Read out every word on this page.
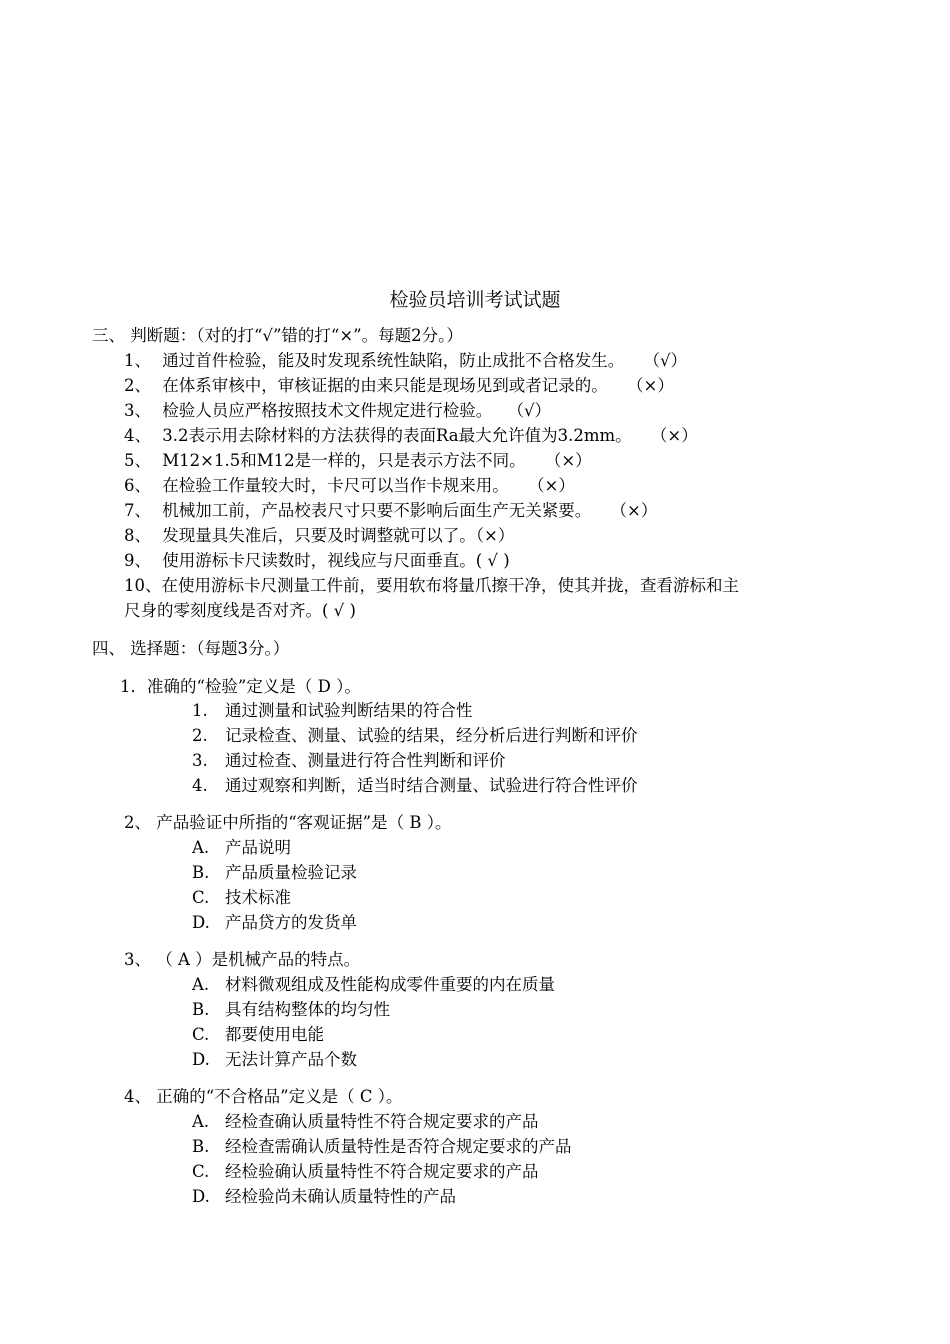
检验员培训考试试题
三、 判断题：（对的打“√”错的打“×”。每题2分。）
1、 通过首件检验，能及时发现系统性缺陷，防止成批不合格发生。 （√）
2、 在体系审核中，审核证据的由来只能是现场见到或者记录的。 （×）
3、 检验人员应严格按照技术文件规定进行检验。 （√）
4、 3.2表示用去除材料的方法获得的表面Ra最大允许值为3.2mm。 （×）
5、 M12×1.5和M12是一样的，只是表示方法不同。 （×）
6、 在检验工作量较大时，卡尺可以当作卡规来用。 （×）
7、 机械加工前，产品校表尺寸只要不影响后面生产无关紧要。 （×）
8、 发现量具失准后，只要及时调整就可以了。（×）
9、 使用游标卡尺读数时，视线应与尺面垂直。( √ )
10、在使用游标卡尺测量工件前，要用软布将量爪擦干净，使其并拢，查看游标和主
尺身的零刻度线是否对齐。( √ )
四、 选择题：（每题3分。）
1．准确的“检验”定义是（ D ）。
1. 通过测量和试验判断结果的符合性
2. 记录检查、测量、试验的结果，经分析后进行判断和评价
3. 通过检查、测量进行符合性判断和评价
4. 通过观察和判断，适当时结合测量、试验进行符合性评价
2、 产品验证中所指的“客观证据”是（ B ）。
A. 产品说明
B. 产品质量检验记录
C. 技术标准
D. 产品贷方的发货单
3、 （ A ）是机械产品的特点。
A. 材料微观组成及性能构成零件重要的内在质量
B. 具有结构整体的均匀性
C. 都要使用电能
D. 无法计算产品个数
4、 正确的“不合格品”定义是（ C ）。
A. 经检查确认质量特性不符合规定要求的产品
B. 经检查需确认质量特性是否符合规定要求的产品
C. 经检验确认质量特性不符合规定要求的产品
D. 经检验尚未确认质量特性的产品
